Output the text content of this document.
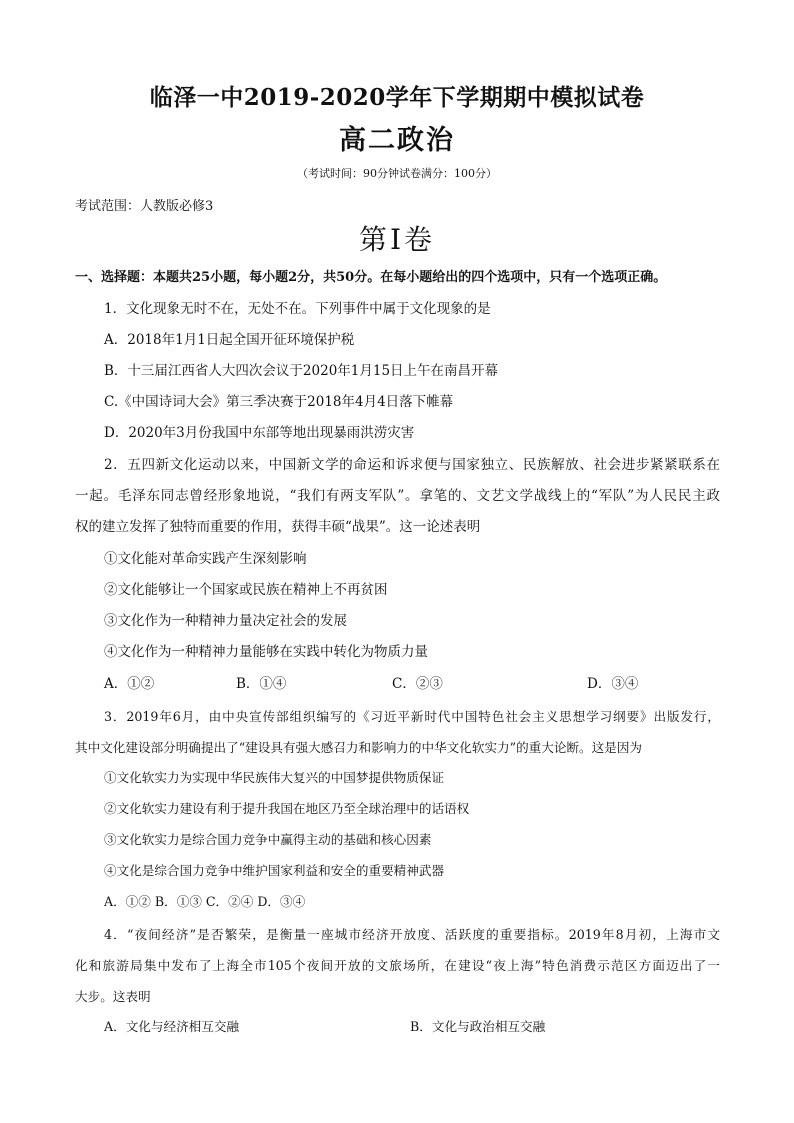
临泽一中2019-2020学年下学期期中模拟试卷
高二政治
（考试时间：90分钟试卷满分：100分）
考试范围：人教版必修3
第Ⅰ卷
一、选择题：本题共25小题，每小题2分，共50分。在每小题给出的四个选项中，只有一个选项正确。
1．文化现象无时不在，无处不在。下列事件中属于文化现象的是
A．2018年1月1日起全国开征环境保护税
B．十三届江西省人大四次会议于2020年1月15日上午在南昌开幕
C.《中国诗词大会》第三季决赛于2018年4月4日落下帷幕
D．2020年3月份我国中东部等地出现暴雨洪涝灾害
2．五四新文化运动以来，中国新文学的命运和诉求便与国家独立、民族解放、社会进步紧紧联系在
一起。毛泽东同志曾经形象地说，“我们有两支军队”。拿笔的、文艺文学战线上的“军队”为人民民主政
权的建立发挥了独特而重要的作用，获得丰硕“战果”。这一论述表明
①文化能对革命实践产生深刻影响
②文化能够让一个国家或民族在精神上不再贫困
③文化作为一种精神力量决定社会的发展
④文化作为一种精神力量能够在实践中转化为物质力量
A．①②	B．①④	C．②③	D．③④
3．2019年6月，由中央宣传部组织编写的《习近平新时代中国特色社会主义思想学习纲要》出版发行，
其中文化建设部分明确提出了“建设具有强大感召力和影响力的中华文化软实力”的重大论断。这是因为
①文化软实力为实现中华民族伟大复兴的中国梦提供物质保证
②文化软实力建设有利于提升我国在地区乃至全球治理中的话语权
③文化软实力是综合国力竞争中赢得主动的基础和核心因素
④文化是综合国力竞争中维护国家利益和安全的重要精神武器
A．①② B．①③ C．②④ D．③④
4．“夜间经济”是否繁荣，是衡量一座城市经济开放度、活跃度的重要指标。2019年8月初，上海市文
化和旅游局集中发布了上海全市105个夜间开放的文旅场所，在建设“夜上海”特色消费示范区方面迈出了一
大步。这表明
A．文化与经济相互交融	B．文化与政治相互交融
